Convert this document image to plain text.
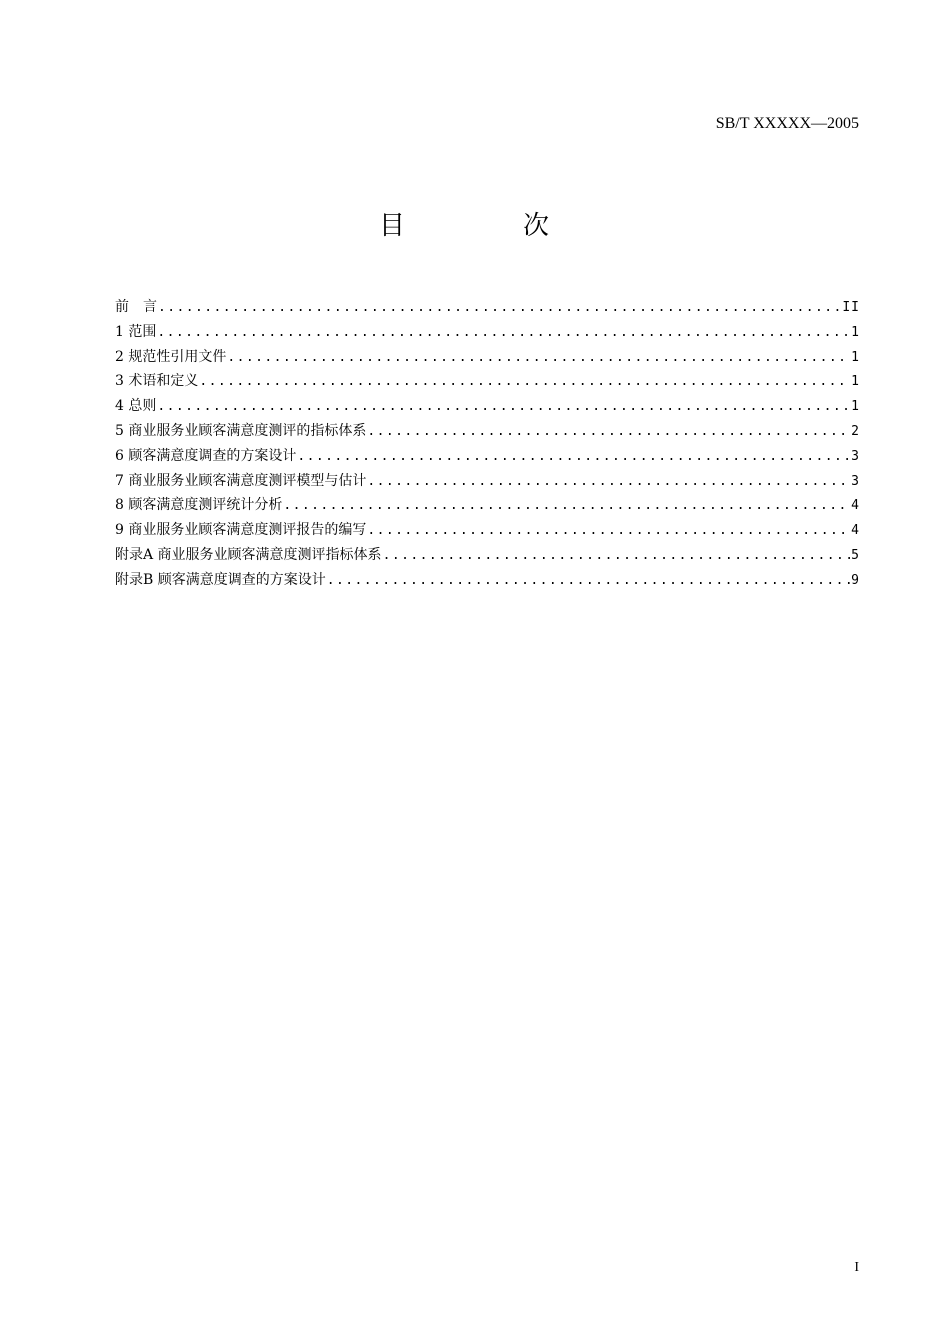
SB/T XXXXX—2005
目　次
前　言 . . .	II
1 范围 . . .	1
2 规范性引用文件 . . .	1
3 术语和定义 . . .	1
4 总则 . . .	1
5 商业服务业顾客满意度测评的指标体系 . . .	2
6 顾客满意度调查的方案设计 . . .	3
7 商业服务业顾客满意度测评模型与估计 . . .	3
8 顾客满意度测评统计分析 . . .	4
9 商业服务业顾客满意度测评报告的编写 . . .	4
附录A 商业服务业顾客满意度测评指标体系 . . .	5
附录B 顾客满意度调查的方案设计 . . .	9
I
